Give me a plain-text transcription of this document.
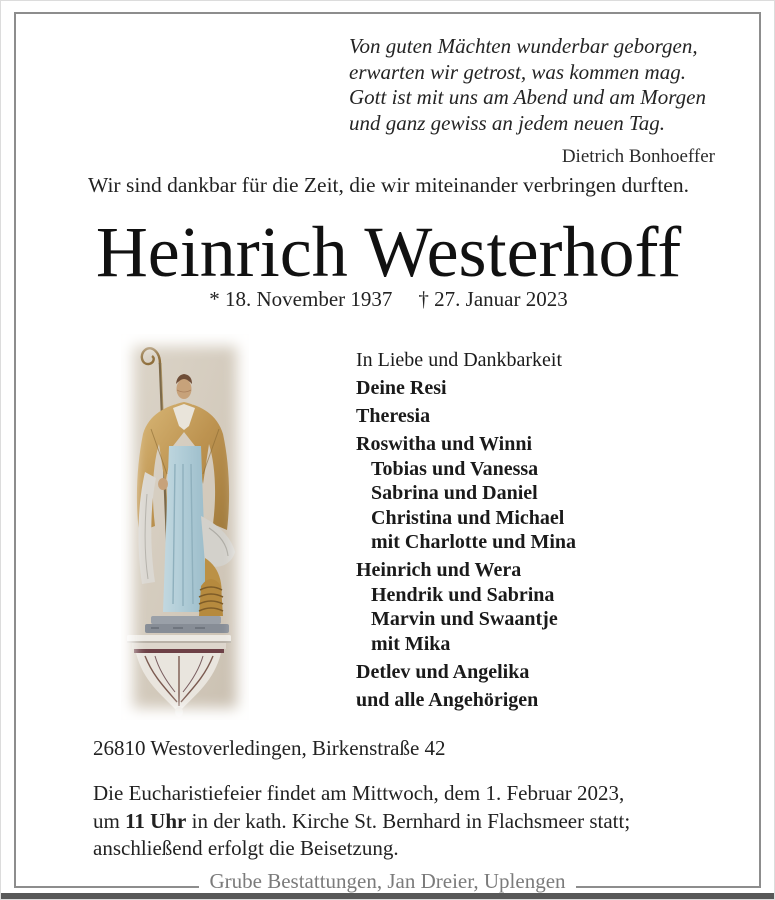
Von guten Mächten wunderbar geborgen,
erwarten wir getrost, was kommen mag.
Gott ist mit uns am Abend und am Morgen
und ganz gewiss an jedem neuen Tag.
Dietrich Bonhoeffer
Wir sind dankbar für die Zeit, die wir miteinander verbringen durften.
Heinrich Westerhoff
* 18. November 1937 † 27. Januar 2023
In Liebe und Dankbarkeit
Deine Resi
Theresia
Roswitha und Winni
Tobias und Vanessa
Sabrina und Daniel
Christina und Michael
mit Charlotte und Mina
Heinrich und Wera
Hendrik und Sabrina
Marvin und Swaantje
mit Mika
Detlev und Angelika
und alle Angehörigen
26810 Westoverledingen, Birkenstraße 42
Die Eucharistiefeier findet am Mittwoch, dem 1. Februar 2023,
um 11 Uhr in der kath. Kirche St. Bernhard in Flachsmeer statt;
anschließend erfolgt die Beisetzung.
Grube Bestattungen, Jan Dreier, Uplengen
